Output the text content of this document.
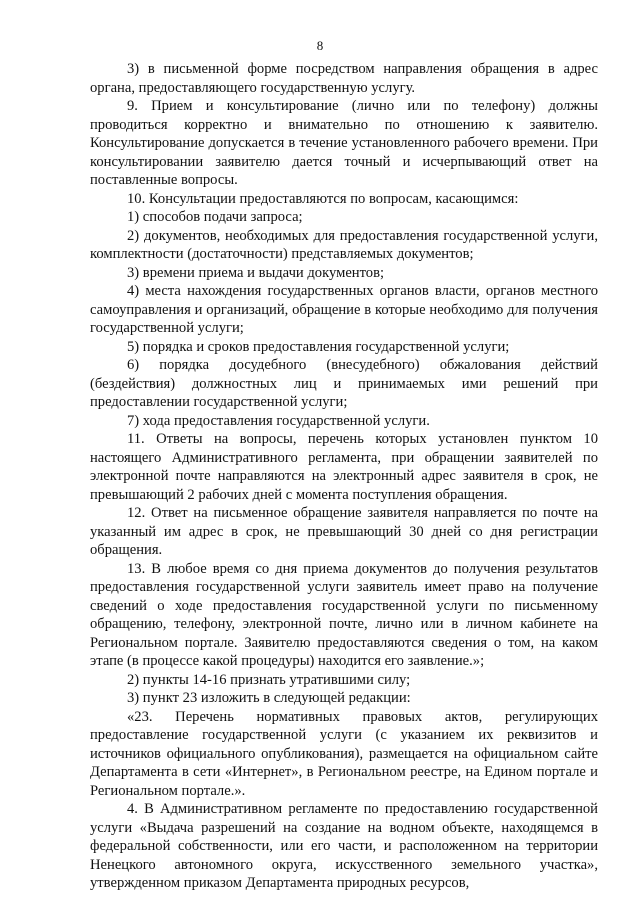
8

3) в письменной форме посредством направления обращения в адрес органа, предоставляющего государственную услугу.

9. Прием и консультирование (лично или по телефону) должны проводиться корректно и внимательно по отношению к заявителю. Консультирование допускается в течение установленного рабочего времени. При консультировании заявителю дается точный и исчерпывающий ответ на поставленные вопросы.

10. Консультации предоставляются по вопросам, касающимся:

1) способов подачи запроса;

2) документов, необходимых для предоставления государственной услуги, комплектности (достаточности) представляемых документов;

3) времени приема и выдачи документов;

4) места нахождения государственных органов власти, органов местного самоуправления и организаций, обращение в которые необходимо для получения государственной услуги;

5) порядка и сроков предоставления государственной услуги;

6) порядка досудебного (внесудебного) обжалования действий (бездействия) должностных лиц и принимаемых ими решений при предоставлении государственной услуги;

7) хода предоставления государственной услуги.

11. Ответы на вопросы, перечень которых установлен пунктом 10 настоящего Административного регламента, при обращении заявителей по электронной почте направляются на электронный адрес заявителя в срок, не превышающий 2 рабочих дней с момента поступления обращения.

12. Ответ на письменное обращение заявителя направляется по почте на указанный им адрес в срок, не превышающий 30 дней со дня регистрации обращения.

13. В любое время со дня приема документов до получения результатов предоставления государственной услуги заявитель имеет право на получение сведений о ходе предоставления государственной услуги по письменному обращению, телефону, электронной почте, лично или в личном кабинете на Региональном портале. Заявителю предоставляются сведения о том, на каком этапе (в процессе какой процедуры) находится его заявление.»;

2) пункты 14-16 признать утратившими силу;

3) пункт 23 изложить в следующей редакции:

«23. Перечень нормативных правовых актов, регулирующих предоставление государственной услуги (с указанием их реквизитов и источников официального опубликования), размещается на официальном сайте Департамента в сети «Интернет», в Региональном реестре, на Едином портале и Региональном портале.».

4. В Административном регламенте по предоставлению государственной услуги «Выдача разрешений на создание на водном объекте, находящемся в федеральной собственности, или его части, и расположенном на территории Ненецкого автономного округа, искусственного земельного участка», утвержденном приказом Департамента природных ресурсов,
